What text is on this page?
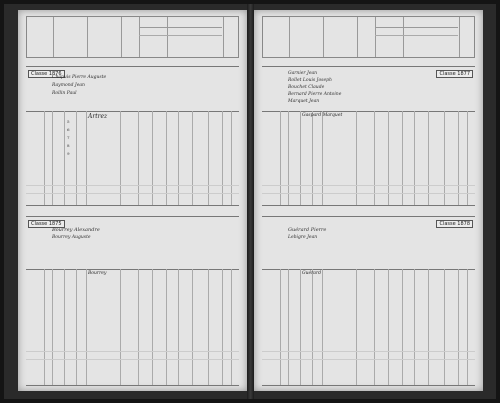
Classe 1876
Chapuis Pierre Auguste
Raymond Jean
Rollin Paul
Artrez
5
6
7
8
9
Classe 1875
Bourrey Alexandre
Bourrey Auguste
Bourrey
Classe 1877
Garnier Jean
Rollet Louis Joseph
Bouchet Claude
Bernard Pierre Antoine
Marquet Jean
Gaspard Marquet
Classe 1878
Guérard Pierre
Lebigre Jean
Guérard
